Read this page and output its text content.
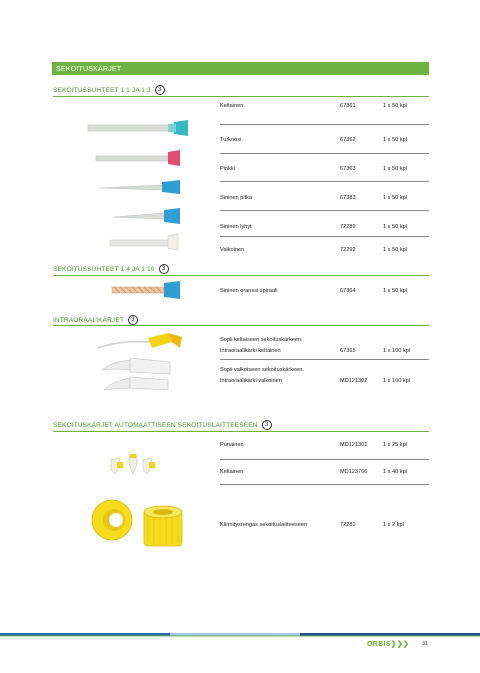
SEKOITUSKÄRJET
SEKOITUSSUHTEET 1:1 JA 1:3 3
Keltainen	67361	1 x 50 kpl
Turkoosi	67362	1 x 50 kpl
Pinkki	67363	1 x 50 kpl
Sininen pitkä	67383	1 x 50 kpl
Sininen lyhyt	72289	1 x 50 kpl
Valkoinen	72292	1 x 50 kpl
SEKOITUSSUHTEET 1:4 JA 1:10 3
Sininen oranssi spiraali	67364	1 x 50 kpl
INTRAORAALIKÄRJET 3
Sopii keltaiseen sekoituskärkeen.
Intraoraalikärki keltainen	67365	1 x 100 kpl
Sopii valkoiseen sekoituskärkeen.
Intraoraalikärki valkoinen	MD121302	1 x 100 kpl
SEKOITUSKÄRJET AUTOMAATTISEEN SEKOITUSLAITTEESEEN 3
Punainen	MD121301	1 x 25 kpl
Keltainen	MD123766	1 x 40 kpl
Kiinnitysrengas sekoituslaitteeseen	72282	1 x 2 kpl
ORBIS❯❯❯ 31
